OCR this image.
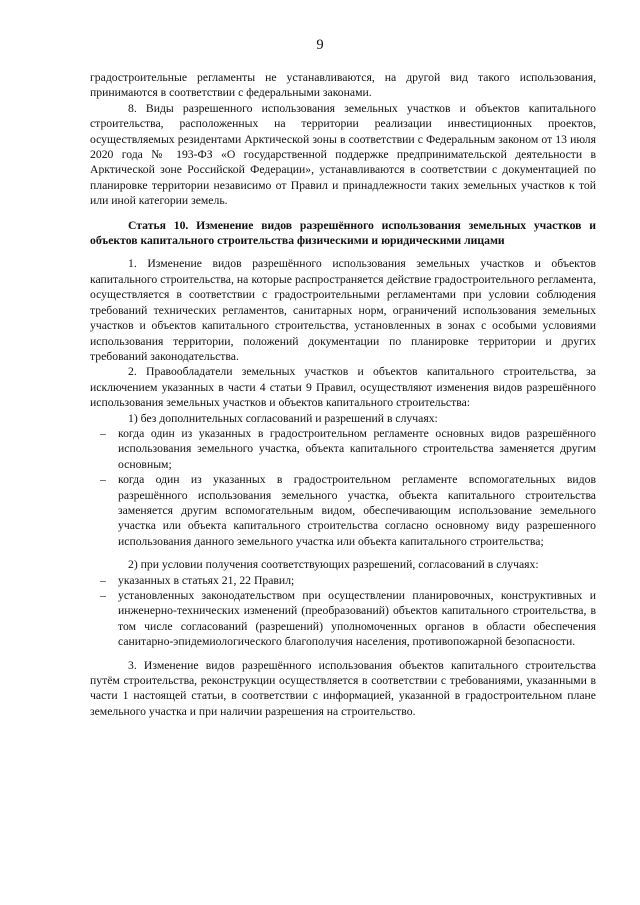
9

градостроительные регламенты не устанавливаются, на другой вид такого использования, принимаются в соответствии с федеральными законами.

8. Виды разрешенного использования земельных участков и объектов капитального строительства, расположенных на территории реализации инвестиционных проектов, осуществляемых резидентами Арктической зоны в соответствии с Федеральным законом от 13 июля 2020 года № 193-ФЗ «О государственной поддержке предпринимательской деятельности в Арктической зоне Российской Федерации», устанавливаются в соответствии с документацией по планировке территории независимо от Правил и принадлежности таких земельных участков к той или иной категории земель.

Статья 10. Изменение видов разрешённого использования земельных участков и объектов капитального строительства физическими и юридическими лицами

1. Изменение видов разрешённого использования земельных участков и объектов капитального строительства, на которые распространяется действие градостроительного регламента, осуществляется в соответствии с градостроительными регламентами при условии соблюдения требований технических регламентов, санитарных норм, ограничений использования земельных участков и объектов капитального строительства, установленных в зонах с особыми условиями использования территории, положений документации по планировке территории и других требований законодательства.

2. Правообладатели земельных участков и объектов капитального строительства, за исключением указанных в части 4 статьи 9 Правил, осуществляют изменения видов разрешённого использования земельных участков и объектов капитального строительства:

1) без дополнительных согласований и разрешений в случаях:

– когда один из указанных в градостроительном регламенте основных видов разрешённого использования земельного участка, объекта капитального строительства заменяется другим основным;
– когда один из указанных в градостроительном регламенте вспомогательных видов разрешённого использования земельного участка, объекта капитального строительства заменяется другим вспомогательным видом, обеспечивающим использование земельного участка или объекта капитального строительства согласно основному виду разрешенного использования данного земельного участка или объекта капитального строительства;

2) при условии получения соответствующих разрешений, согласований в случаях:

– указанных в статьях 21, 22 Правил;
– установленных законодательством при осуществлении планировочных, конструктивных и инженерно-технических изменений (преобразований) объектов капитального строительства, в том числе согласований (разрешений) уполномоченных органов в области обеспечения санитарно-эпидемиологического благополучия населения, противопожарной безопасности.

3. Изменение видов разрешённого использования объектов капитального строительства путём строительства, реконструкции осуществляется в соответствии с требованиями, указанными в части 1 настоящей статьи, в соответствии с информацией, указанной в градостроительном плане земельного участка и при наличии разрешения на строительство.
